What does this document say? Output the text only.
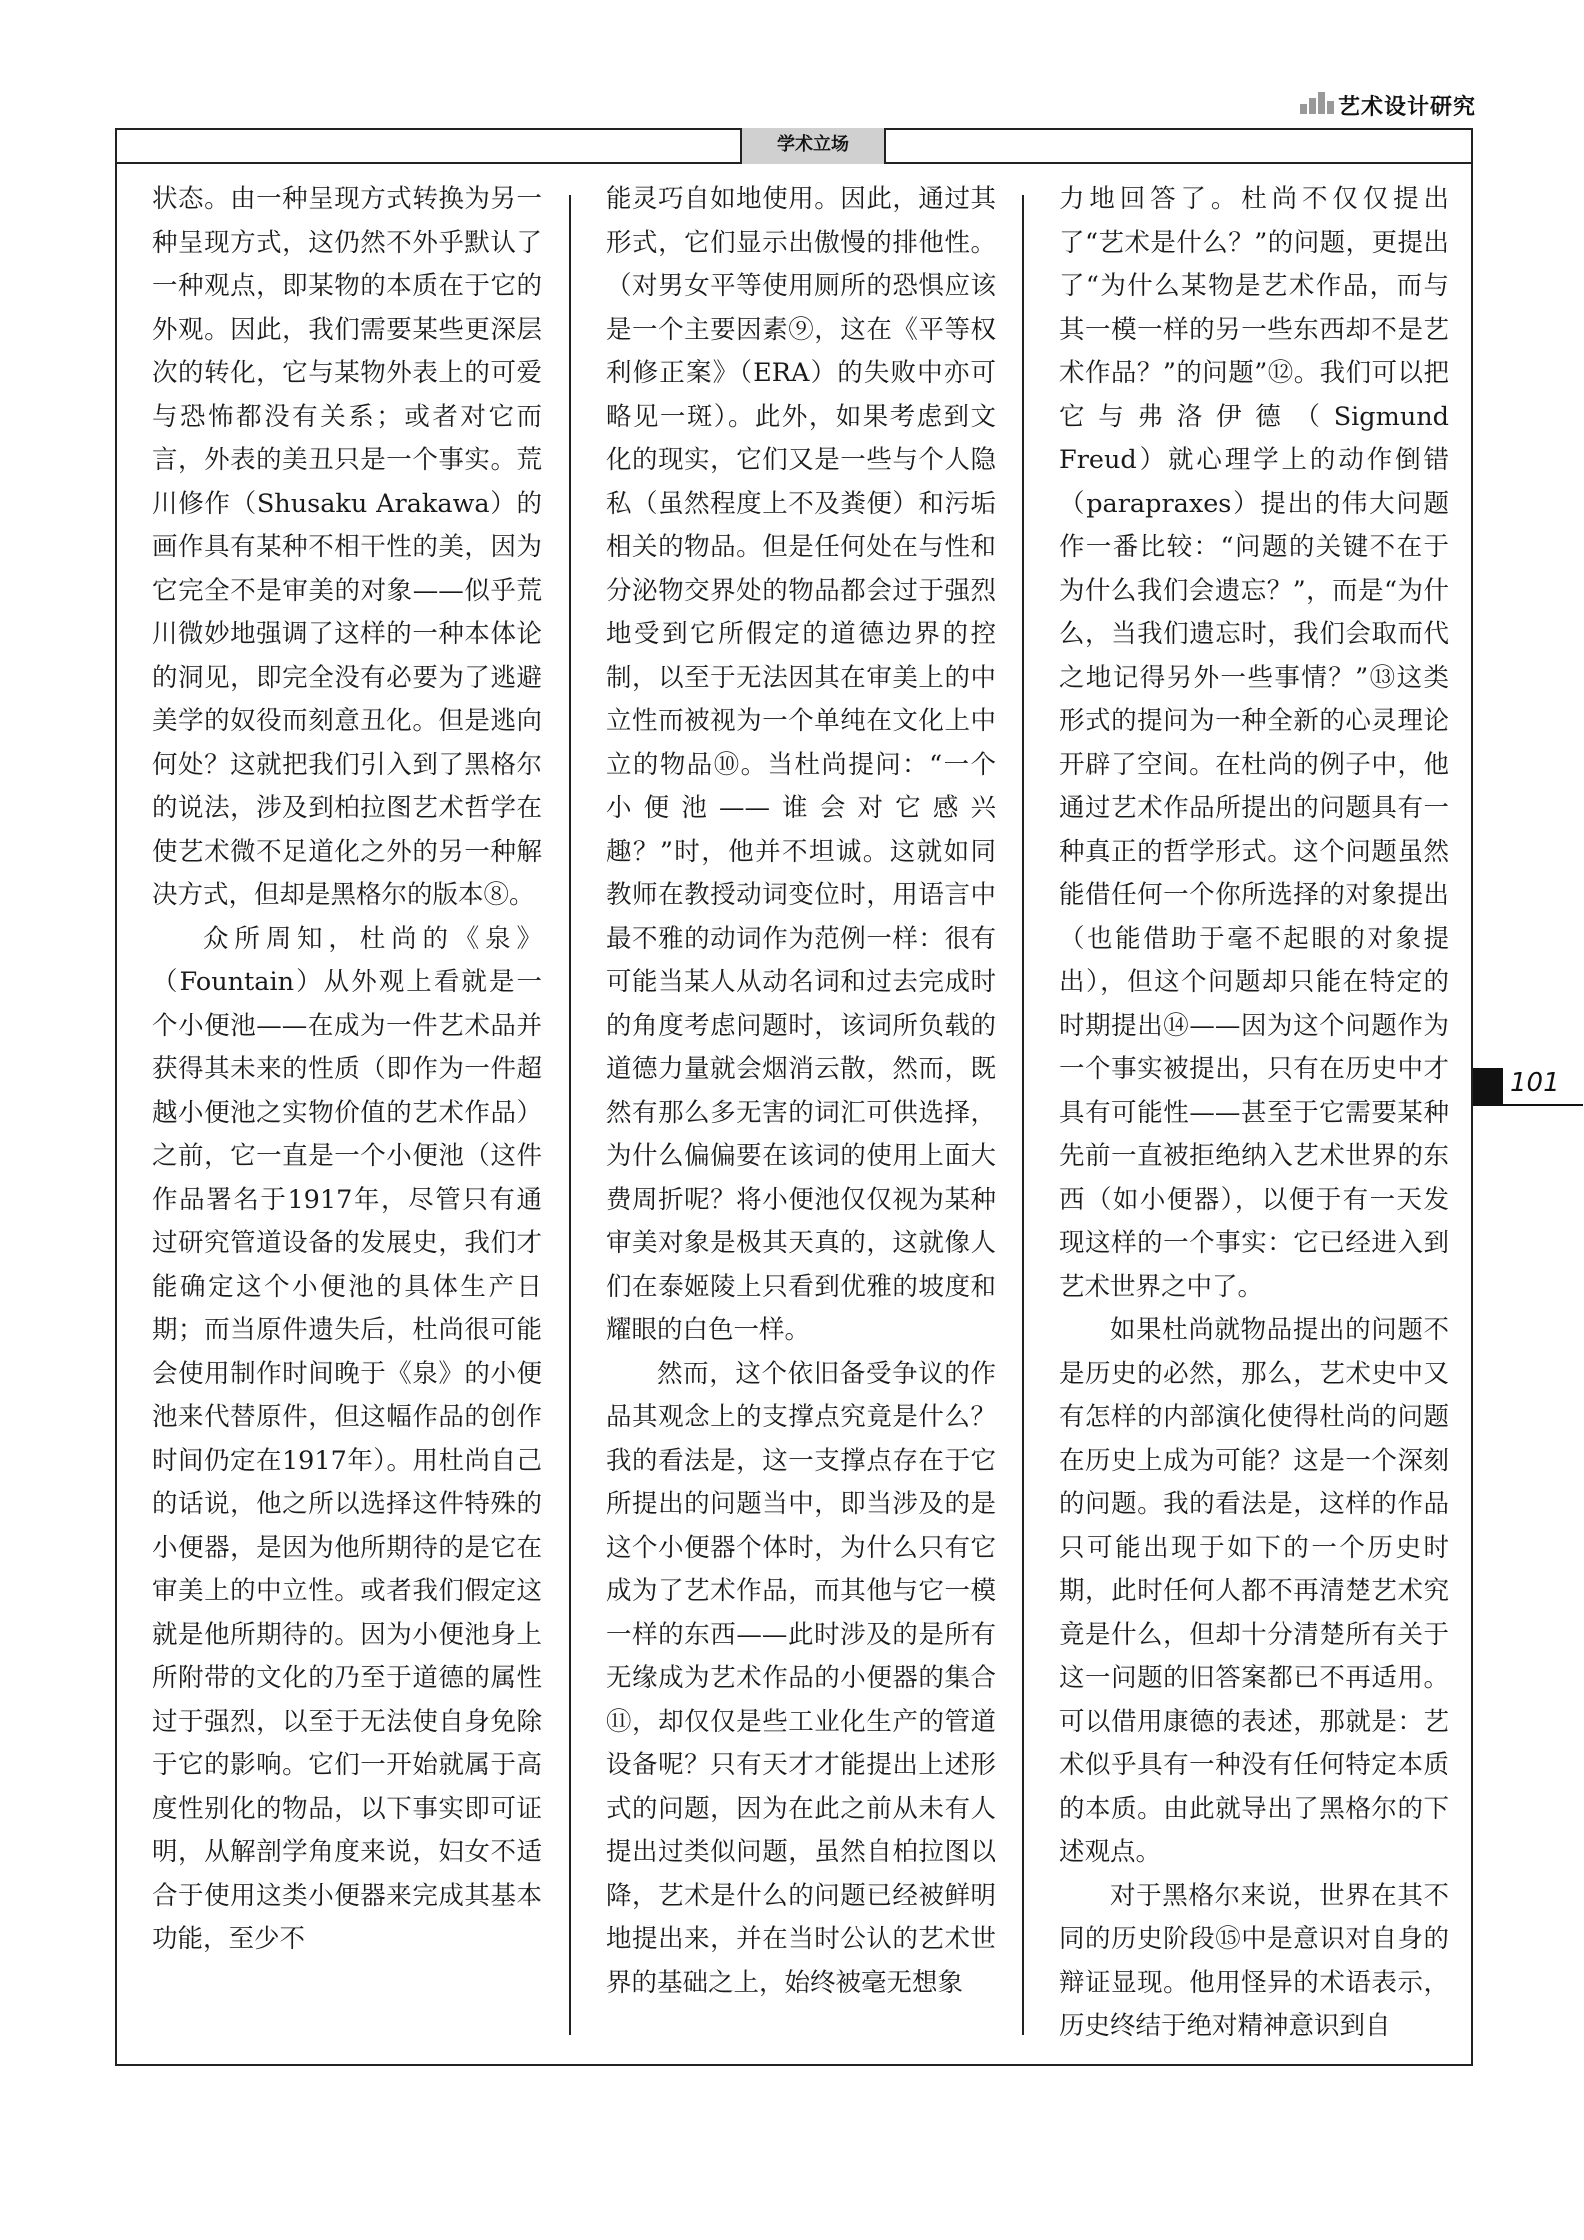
艺术设计研究
学术立场

状态。由一种呈现方式转换为另一种呈现方式，这仍然不外乎默认了一种观点，即某物的本质在于它的外观。因此，我们需要某些更深层次的转化，它与某物外表上的可爱与恐怖都没有关系；或者对它而言，外表的美丑只是一个事实。荒川修作（Shusaku Arakawa）的画作具有某种不相干性的美，因为它完全不是审美的对象——似乎荒川微妙地强调了这样的一种本体论的洞见，即完全没有必要为了逃避美学的奴役而刻意丑化。但是逃向何处？这就把我们引入到了黑格尔的说法，涉及到柏拉图艺术哲学在使艺术微不足道化之外的另一种解决方式，但却是黑格尔的版本⑧。

众所周知，杜尚的《泉》（Fountain）从外观上看就是一个小便池——在成为一件艺术品并获得其未来的性质（即作为一件超越小便池之实物价值的艺术作品）之前，它一直是一个小便池（这件作品署名于1917年，尽管只有通过研究管道设备的发展史，我们才能确定这个小便池的具体生产日期；而当原件遗失后，杜尚很可能会使用制作时间晚于《泉》的小便池来代替原件，但这幅作品的创作时间仍定在1917年）。用杜尚自己的话说，他之所以选择这件特殊的小便器，是因为他所期待的是它在审美上的中立性。或者我们假定这就是他所期待的。因为小便池身上所附带的文化的乃至于道德的属性过于强烈，以至于无法使自身免除于它的影响。它们一开始就属于高度性别化的物品，以下事实即可证明，从解剖学角度来说，妇女不适合于使用这类小便器来完成其基本功能，至少不

能灵巧自如地使用。因此，通过其形式，它们显示出傲慢的排他性。（对男女平等使用厕所的恐惧应该是一个主要因素⑨，这在《平等权利修正案》（ERA）的失败中亦可略见一斑）。此外，如果考虑到文化的现实，它们又是一些与个人隐私（虽然程度上不及粪便）和污垢相关的物品。但是任何处在与性和分泌物交界处的物品都会过于强烈地受到它所假定的道德边界的控制，以至于无法因其在审美上的中立性而被视为一个单纯在文化上中立的物品⑩。当杜尚提问：“一个小便池——谁会对它感兴趣？”时，他并不坦诚。这就如同教师在教授动词变位时，用语言中最不雅的动词作为范例一样：很有可能当某人从动名词和过去完成时的角度考虑问题时，该词所负载的道德力量就会烟消云散，然而，既然有那么多无害的词汇可供选择，为什么偏偏要在该词的使用上面大费周折呢？将小便池仅仅视为某种审美对象是极其天真的，这就像人们在泰姬陵上只看到优雅的坡度和耀眼的白色一样。

然而，这个依旧备受争议的作品其观念上的支撑点究竟是什么？我的看法是，这一支撑点存在于它所提出的问题当中，即当涉及的是这个小便器个体时，为什么只有它成为了艺术作品，而其他与它一模一样的东西——此时涉及的是所有无缘成为艺术作品的小便器的集合⑪，却仅仅是些工业化生产的管道设备呢？只有天才才能提出上述形式的问题，因为在此之前从未有人提出过类似问题，虽然自柏拉图以降，艺术是什么的问题已经被鲜明地提出来，并在当时公认的艺术世界的基础之上，始终被毫无想象

力地回答了。杜尚不仅仅提出了“艺术是什么？”的问题，更提出了“为什么某物是艺术作品，而与其一模一样的另一些东西却不是艺术作品？”的问题”⑫。我们可以把它与弗洛伊德（Sigmund Freud）就心理学上的动作倒错（parapraxes）提出的伟大问题作一番比较：“问题的关键不在于为什么我们会遗忘？”，而是“为什么，当我们遗忘时，我们会取而代之地记得另外一些事情？”⑬这类形式的提问为一种全新的心灵理论开辟了空间。在杜尚的例子中，他通过艺术作品所提出的问题具有一种真正的哲学形式。这个问题虽然能借任何一个你所选择的对象提出（也能借助于毫不起眼的对象提出），但这个问题却只能在特定的时期提出⑭——因为这个问题作为一个事实被提出，只有在历史中才具有可能性——甚至于它需要某种先前一直被拒绝纳入艺术世界的东西（如小便器），以便于有一天发现这样的一个事实：它已经进入到艺术世界之中了。

如果杜尚就物品提出的问题不是历史的必然，那么，艺术史中又有怎样的内部演化使得杜尚的问题在历史上成为可能？这是一个深刻的问题。我的看法是，这样的作品只可能出现于如下的一个历史时期，此时任何人都不再清楚艺术究竟是什么，但却十分清楚所有关于这一问题的旧答案都已不再适用。可以借用康德的表述，那就是：艺术似乎具有一种没有任何特定本质的本质。由此就导出了黑格尔的下述观点。

对于黑格尔来说，世界在其不同的历史阶段⑮中是意识对自身的辩证显现。他用怪异的术语表示，历史终结于绝对精神意识到自

101
